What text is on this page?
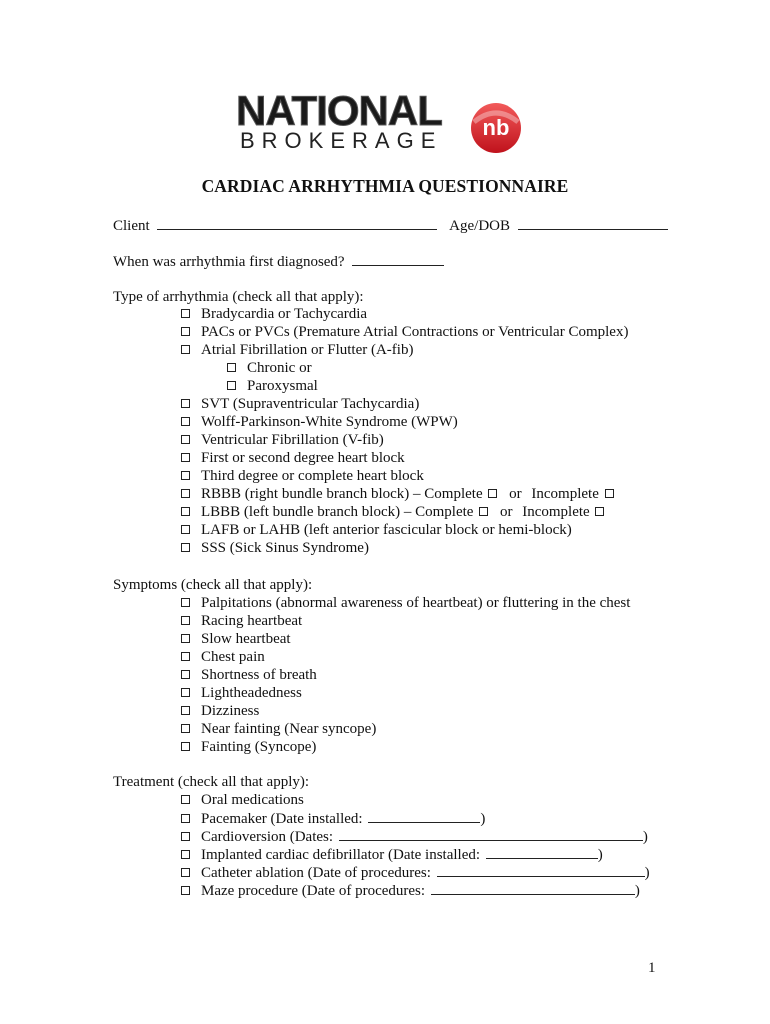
NATIONAL
BROKERAGE
nb
CARDIAC ARRHYTHMIA QUESTIONNAIRE
Client	Age/DOB
When was arrhythmia first diagnosed?
Type of arrhythmia (check all that apply):
Bradycardia or Tachycardia
PACs or PVCs (Premature Atrial Contractions or Ventricular Complex)
Atrial Fibrillation or Flutter (A-fib)
Chronic or
Paroxysmal
SVT (Supraventricular Tachycardia)
Wolff-Parkinson-White Syndrome (WPW)
Ventricular Fibrillation (V-fib)
First or second degree heart block
Third degree or complete heart block
RBBB (right bundle branch block) – Complete or Incomplete
LBBB (left bundle branch block) – Complete or Incomplete
LAFB or LAHB (left anterior fascicular block or hemi-block)
SSS (Sick Sinus Syndrome)
Symptoms (check all that apply):
Palpitations (abnormal awareness of heartbeat) or fluttering in the chest
Racing heartbeat
Slow heartbeat
Chest pain
Shortness of breath
Lightheadedness
Dizziness
Near fainting (Near syncope)
Fainting (Syncope)
Treatment (check all that apply):
Oral medications
Pacemaker (Date installed:	)
Cardioversion (Dates:	)
Implanted cardiac defibrillator (Date installed:	)
Catheter ablation (Date of procedures:	)
Maze procedure (Date of procedures:	)
1
